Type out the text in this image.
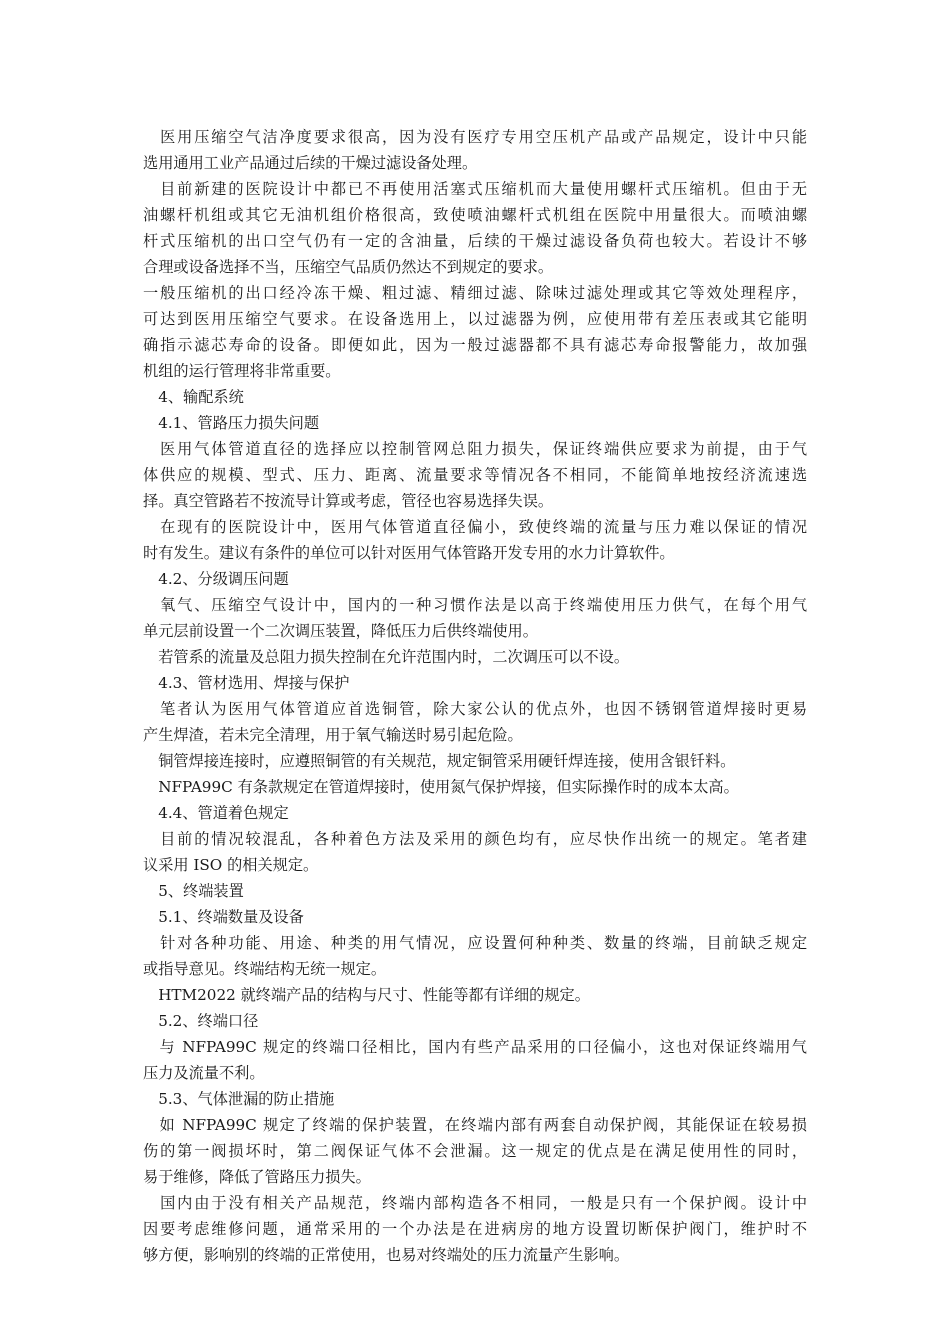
　医用压缩空气洁净度要求很高，因为没有医疗专用空压机产品或产品规定，设计中只能
选用通用工业产品通过后续的干燥过滤设备处理。
　目前新建的医院设计中都已不再使用活塞式压缩机而大量使用螺杆式压缩机。但由于无
油螺杆机组或其它无油机组价格很高，致使喷油螺杆式机组在医院中用量很大。而喷油螺
杆式压缩机的出口空气仍有一定的含油量，后续的干燥过滤设备负荷也较大。若设计不够
合理或设备选择不当，压缩空气品质仍然达不到规定的要求。
一般压缩机的出口经冷冻干燥、粗过滤、精细过滤、除味过滤处理或其它等效处理程序，
可达到医用压缩空气要求。在设备选用上，以过滤器为例，应使用带有差压表或其它能明
确指示滤芯寿命的设备。即便如此，因为一般过滤器都不具有滤芯寿命报警能力，故加强
机组的运行管理将非常重要。
　4、输配系统
　4.1、管路压力损失问题
　医用气体管道直径的选择应以控制管网总阻力损失，保证终端供应要求为前提，由于气
体供应的规模、型式、压力、距离、流量要求等情况各不相同，不能简单地按经济流速选
择。真空管路若不按流导计算或考虑，管径也容易选择失误。
　在现有的医院设计中，医用气体管道直径偏小，致使终端的流量与压力难以保证的情况
时有发生。建议有条件的单位可以针对医用气体管路开发专用的水力计算软件。
　4.2、分级调压问题
　氧气、压缩空气设计中，国内的一种习惯作法是以高于终端使用压力供气，在每个用气
单元层前设置一个二次调压装置，降低压力后供终端使用。
　若管系的流量及总阻力损失控制在允许范围内时，二次调压可以不设。
　4.3、管材选用、焊接与保护
　笔者认为医用气体管道应首选铜管，除大家公认的优点外，也因不锈钢管道焊接时更易
产生焊渣，若未完全清理，用于氧气输送时易引起危险。
　铜管焊接连接时，应遵照铜管的有关规范，规定铜管采用硬钎焊连接，使用含银钎料。
　NFPA99C 有条款规定在管道焊接时，使用氮气保护焊接，但实际操作时的成本太高。
　4.4、管道着色规定
　目前的情况较混乱，各种着色方法及采用的颜色均有，应尽快作出统一的规定。笔者建
议采用 ISO 的相关规定。
　5、终端装置
　5.1、终端数量及设备
　针对各种功能、用途、种类的用气情况，应设置何种种类、数量的终端，目前缺乏规定
或指导意见。终端结构无统一规定。
　HTM2022 就终端产品的结构与尺寸、性能等都有详细的规定。
　5.2、终端口径
　与 NFPA99C 规定的终端口径相比，国内有些产品采用的口径偏小，这也对保证终端用气
压力及流量不利。
　5.3、气体泄漏的防止措施
　如 NFPA99C 规定了终端的保护装置，在终端内部有两套自动保护阀，其能保证在较易损
伤的第一阀损坏时，第二阀保证气体不会泄漏。这一规定的优点是在满足使用性的同时，
易于维修，降低了管路压力损失。
　国内由于没有相关产品规范，终端内部构造各不相同，一般是只有一个保护阀。设计中
因要考虑维修问题，通常采用的一个办法是在进病房的地方设置切断保护阀门，维护时不
够方便，影响别的终端的正常使用，也易对终端处的压力流量产生影响。
